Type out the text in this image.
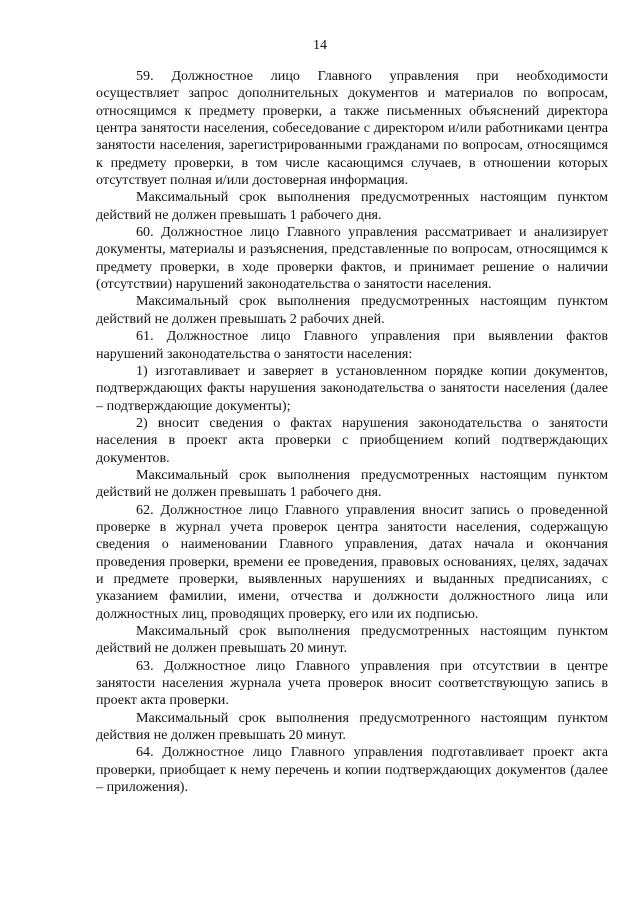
14

59. Должностное лицо Главного управления при необходимости осуществляет запрос дополнительных документов и материалов по вопросам, относящимся к предмету проверки, а также письменных объяснений директора центра занятости населения, собеседование с директором и/или работниками центра занятости населения, зарегистрированными гражданами по вопросам, относящимся к предмету проверки, в том числе касающимся случаев, в отношении которых отсутствует полная и/или достоверная информация.

Максимальный срок выполнения предусмотренных настоящим пунктом действий не должен превышать 1 рабочего дня.

60. Должностное лицо Главного управления рассматривает и анализирует документы, материалы и разъяснения, представленные по вопросам, относящимся к предмету проверки, в ходе проверки фактов, и принимает решение о наличии (отсутствии) нарушений законодательства о занятости населения.

Максимальный срок выполнения предусмотренных настоящим пунктом действий не должен превышать 2 рабочих дней.

61. Должностное лицо Главного управления при выявлении фактов нарушений законодательства о занятости населения:

1) изготавливает и заверяет в установленном порядке копии документов, подтверждающих факты нарушения законодательства о занятости населения (далее – подтверждающие документы);

2) вносит сведения о фактах нарушения законодательства о занятости населения в проект акта проверки с приобщением копий подтверждающих документов.

Максимальный срок выполнения предусмотренных настоящим пунктом действий не должен превышать 1 рабочего дня.

62. Должностное лицо Главного управления вносит запись о проведенной проверке в журнал учета проверок центра занятости населения, содержащую сведения о наименовании Главного управления, датах начала и окончания проведения проверки, времени ее проведения, правовых основаниях, целях, задачах и предмете проверки, выявленных нарушениях и выданных предписаниях, с указанием фамилии, имени, отчества и должности должностного лица или должностных лиц, проводящих проверку, его или их подписью.

Максимальный срок выполнения предусмотренных настоящим пунктом действий не должен превышать 20 минут.

63. Должностное лицо Главного управления при отсутствии в центре занятости населения журнала учета проверок вносит соответствующую запись в проект акта проверки.

Максимальный срок выполнения предусмотренного настоящим пунктом действия не должен превышать 20 минут.

64. Должностное лицо Главного управления подготавливает проект акта проверки, приобщает к нему перечень и копии подтверждающих документов (далее – приложения).
